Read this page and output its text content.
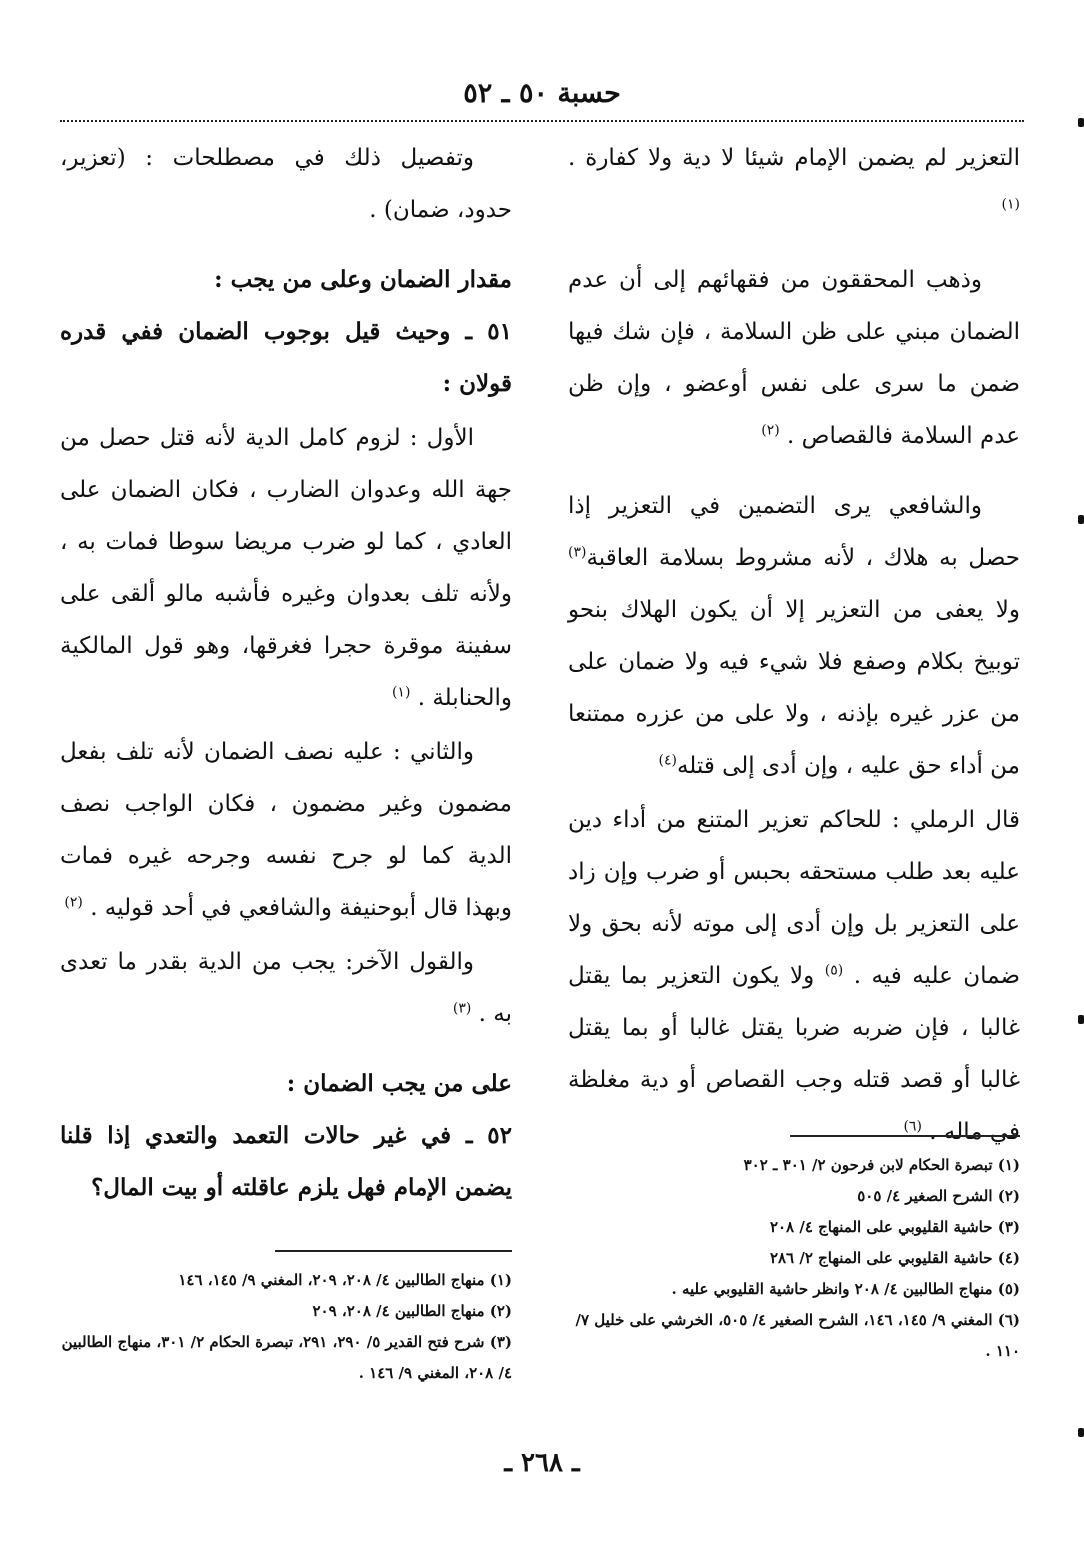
حسبة ٥٠ ـ ٥٢

التعزير لم يضمن الإمام شيئا لا دية ولا كفارة . $^{(١)}$

وذهب المحققون من فقهائهم إلى أن عدم الضمان مبني على ظن السلامة ، فإن شك فيها ضمن ما سرى على نفس أوعضو ، وإن ظن عدم السلامة فالقصاص . $^{(٢)}$

والشافعي يرى التضمين في التعزير إذا حصل به هلاك ، لأنه مشروط بسلامة العاقبة$^{(٣)}$ ولا يعفى من التعزير إلا أن يكون الهلاك بنحو توبيخ بكلام وصفع فلا شيء فيه ولا ضمان على من عزر غيره بإذنه ، ولا على من عزره ممتنعا من أداء حق عليه ، وإن أدى إلى قتله$^{(٤)}$

قال الرملي : للحاكم تعزير المتنع من أداء دين عليه بعد طلب مستحقه بحبس أو ضرب وإن زاد على التعزير بل وإن أدى إلى موته لأنه بحق ولا ضمان عليه فيه . $^{(٥)}$ ولا يكون التعزير بما يقتل غالبا ، فإن ضربه ضربا يقتل غالبا أو بما يقتل غالبا أو قصد قتله وجب القصاص أو دية مغلظة في ماله . $^{(٦)}$

(١) تبصرة الحكام لابن فرحون ٢/ ٣٠١ ـ ٣٠٢

(٢) الشرح الصغير ٤/ ٥٠٥

(٣) حاشية القليوبي على المنهاج ٤/ ٢٠٨

(٤) حاشية القليوبي على المنهاج ٢/ ٢٨٦

(٥) منهاج الطالبين ٤/ ٢٠٨ وانظر حاشية القليوبي عليه .

(٦) المغني ٩/ ١٤٥، ١٤٦، الشرح الصغير ٤/ ٥٠٥، الخرشي على خليل ٧/ ١١٠ .

وتفصيل ذلك في مصطلحات : (تعزير، حدود، ضمان) .

مقدار الضمان وعلى من يجب :

٥١ ـ وحيث قيل بوجوب الضمان ففي قدره قولان :

الأول : لزوم كامل الدية لأنه قتل حصل من جهة الله وعدوان الضارب ، فكان الضمان على العادي ، كما لو ضرب مريضا سوطا فمات به ، ولأنه تلف بعدوان وغيره فأشبه مالو ألقى على سفينة موقرة حجرا فغرقها، وهو قول المالكية والحنابلة . $^{(١)}$

والثاني : عليه نصف الضمان لأنه تلف بفعل مضمون وغير مضمون ، فكان الواجب نصف الدية كما لو جرح نفسه وجرحه غيره فمات وبهذا قال أبوحنيفة والشافعي في أحد قوليه . $^{(٢)}$

والقول الآخر: يجب من الدية بقدر ما تعدى به . $^{(٣)}$

على من يجب الضمان :

٥٢ ـ في غير حالات التعمد والتعدي إذا قلنا يضمن الإمام فهل يلزم عاقلته أو بيت المال؟

(١) منهاج الطالبين ٤/ ٢٠٨، ٢٠٩، المغني ٩/ ١٤٥، ١٤٦

(٢) منهاج الطالبين ٤/ ٢٠٨، ٢٠٩

(٣) شرح فتح القدير ٥/ ٢٩٠، ٢٩١، تبصرة الحكام ٢/ ٣٠١، منهاج الطالبين ٤/ ٢٠٨، المغني ٩/ ١٤٦ .

ـ ٢٦٨ ـ
